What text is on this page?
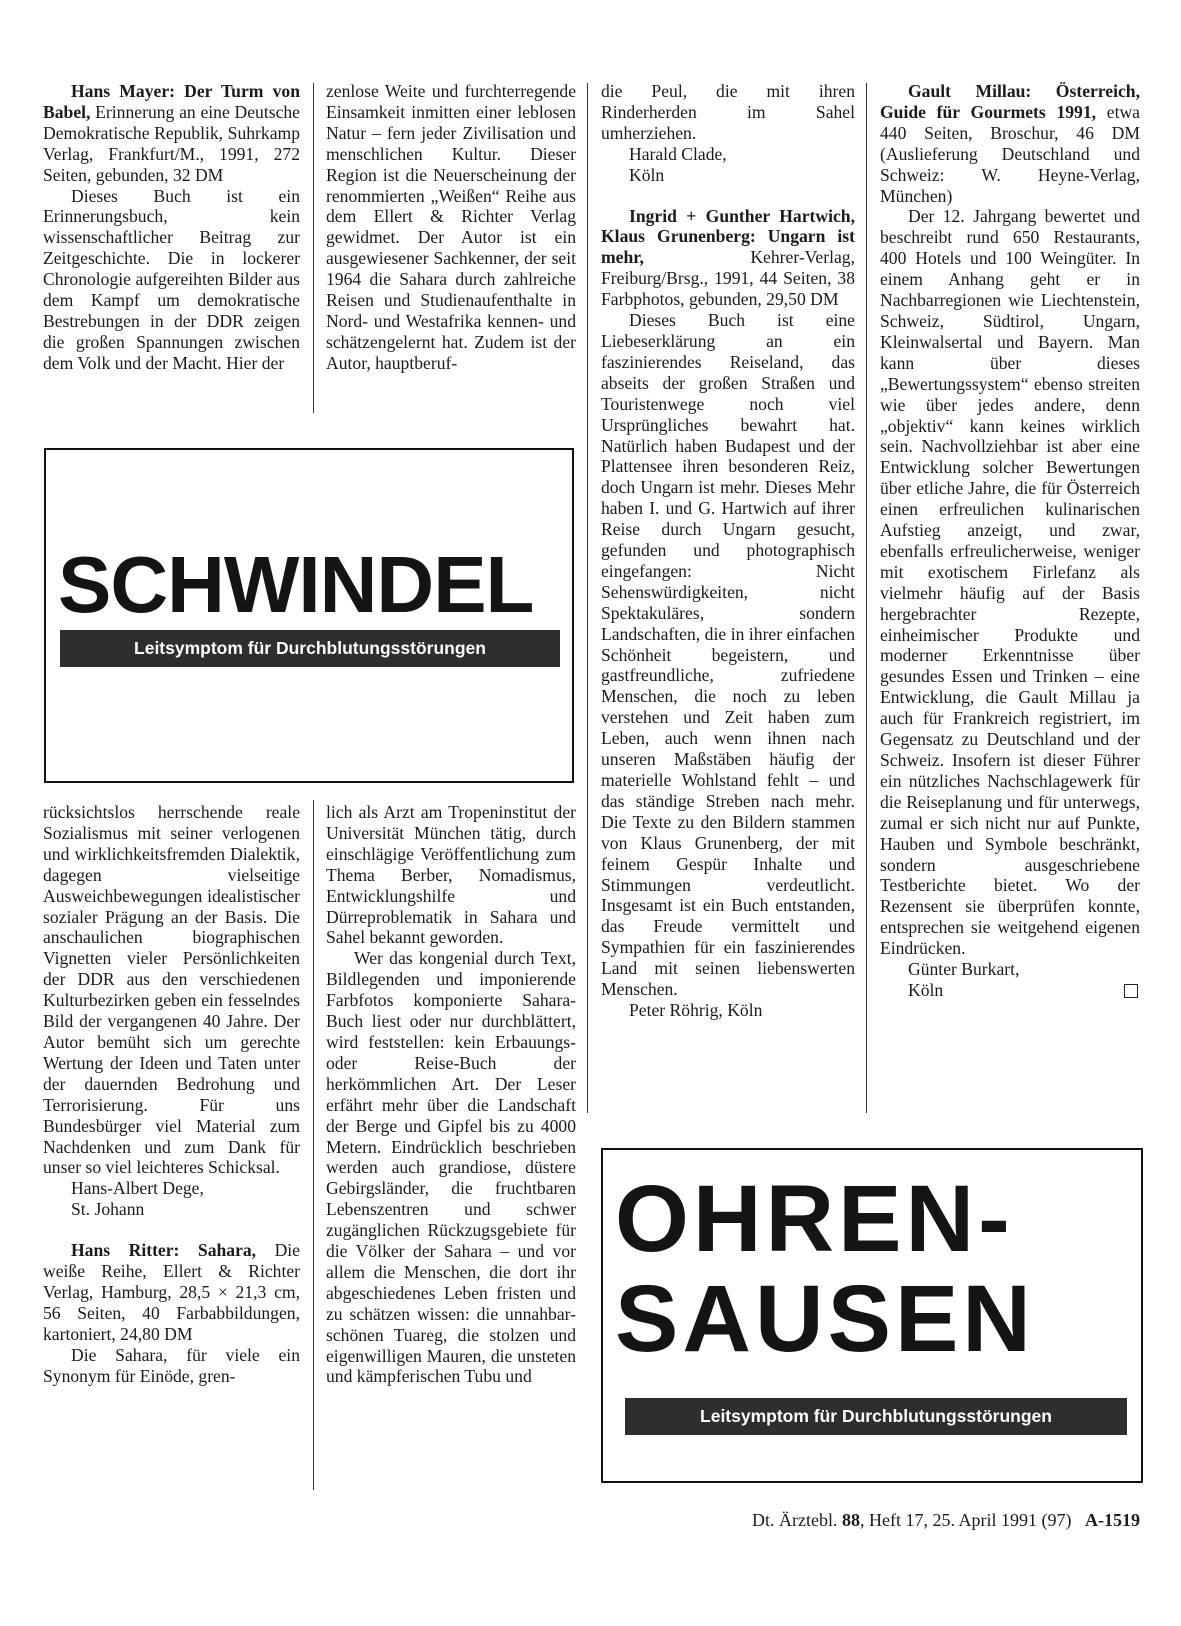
Hans Mayer: Der Turm von Babel, Erinnerung an eine Deutsche Demokratische Republik, Suhrkamp Verlag, Frankfurt/M., 1991, 272 Seiten, gebunden, 32 DM

Dieses Buch ist ein Erinnerungsbuch, kein wissenschaftlicher Beitrag zur Zeitgeschichte. Die in lockerer Chronologie aufgereihten Bilder aus dem Kampf um demokratische Bestrebungen in der DDR zeigen die großen Spannungen zwischen dem Volk und der Macht. Hier der

zenlose Weite und furchterregende Einsamkeit inmitten einer leblosen Natur – fern jeder Zivilisation und menschlichen Kultur. Dieser Region ist die Neuerscheinung der renommierten „Weißen“ Reihe aus dem Ellert & Richter Verlag gewidmet. Der Autor ist ein ausgewiesener Sachkenner, der seit 1964 die Sahara durch zahlreiche Reisen und Studienaufenthalte in Nord- und Westafrika kennen- und schätzengelernt hat. Zudem ist der Autor, hauptberuf-

SCHWINDEL
Leitsymptom für Durchblutungsstörungen

rücksichtslos herrschende reale Sozialismus mit seiner verlogenen und wirklichkeitsfremden Dialektik, dagegen vielseitige Ausweichbewegungen idealistischer sozialer Prägung an der Basis. Die anschaulichen biographischen Vignetten vieler Persönlichkeiten der DDR aus den verschiedenen Kulturbezirken geben ein fesselndes Bild der vergangenen 40 Jahre. Der Autor bemüht sich um gerechte Wertung der Ideen und Taten unter der dauernden Bedrohung und Terrorisierung. Für uns Bundesbürger viel Material zum Nachdenken und zum Dank für unser so viel leichteres Schicksal.

Hans-Albert Dege,

St. Johann

Hans Ritter: Sahara, Die weiße Reihe, Ellert & Richter Verlag, Hamburg, 28,5 × 21,3 cm, 56 Seiten, 40 Farbabbildungen, kartoniert, 24,80 DM

Die Sahara, für viele ein Synonym für Einöde, gren-

lich als Arzt am Tropeninstitut der Universität München tätig, durch einschlägige Veröffentlichung zum Thema Berber, Nomadismus, Entwicklungshilfe und Dürreproblematik in Sahara und Sahel bekannt geworden.

Wer das kongenial durch Text, Bildlegenden und imponierende Farbfotos komponierte Sahara-Buch liest oder nur durchblättert, wird feststellen: kein Erbauungs- oder Reise-Buch der herkömmlichen Art. Der Leser erfährt mehr über die Landschaft der Berge und Gipfel bis zu 4000 Metern. Eindrücklich beschrieben werden auch grandiose, düstere Gebirgsländer, die fruchtbaren Lebenszentren und schwer zugänglichen Rückzugsgebiete für die Völker der Sahara – und vor allem die Menschen, die dort ihr abgeschiedenes Leben fristen und zu schätzen wissen: die unnahbar-schönen Tuareg, die stolzen und eigenwilligen Mauren, die unsteten und kämpferischen Tubu und

die Peul, die mit ihren Rinderherden im Sahel umherziehen.

Harald Clade,

Köln

Ingrid + Gunther Hartwich, Klaus Grunenberg: Ungarn ist mehr, Kehrer-Verlag, Freiburg/Brsg., 1991, 44 Seiten, 38 Farbphotos, gebunden, 29,50 DM

Dieses Buch ist eine Liebeserklärung an ein faszinierendes Reiseland, das abseits der großen Straßen und Touristenwege noch viel Ursprüngliches bewahrt hat. Natürlich haben Budapest und der Plattensee ihren besonderen Reiz, doch Ungarn ist mehr. Dieses Mehr haben I. und G. Hartwich auf ihrer Reise durch Ungarn gesucht, gefunden und photographisch eingefangen: Nicht Sehenswürdigkeiten, nicht Spektakuläres, sondern Landschaften, die in ihrer einfachen Schönheit begeistern, und gastfreundliche, zufriedene Menschen, die noch zu leben verstehen und Zeit haben zum Leben, auch wenn ihnen nach unseren Maßstäben häufig der materielle Wohlstand fehlt – und das ständige Streben nach mehr. Die Texte zu den Bildern stammen von Klaus Grunenberg, der mit feinem Gespür Inhalte und Stimmungen verdeutlicht. Insgesamt ist ein Buch entstanden, das Freude vermittelt und Sympathien für ein faszinierendes Land mit seinen liebenswerten Menschen.

Peter Röhrig, Köln

Gault Millau: Österreich, Guide für Gourmets 1991, etwa 440 Seiten, Broschur, 46 DM (Auslieferung Deutschland und Schweiz: W. Heyne-Verlag, München)

Der 12. Jahrgang bewertet und beschreibt rund 650 Restaurants, 400 Hotels und 100 Weingüter. In einem Anhang geht er in Nachbarregionen wie Liechtenstein, Schweiz, Südtirol, Ungarn, Kleinwalsertal und Bayern. Man kann über dieses „Bewertungssystem“ ebenso streiten wie über jedes andere, denn „objektiv“ kann keines wirklich sein. Nachvollziehbar ist aber eine Entwicklung solcher Bewertungen über etliche Jahre, die für Österreich einen erfreulichen kulinarischen Aufstieg anzeigt, und zwar, ebenfalls erfreulicherweise, weniger mit exotischem Firlefanz als vielmehr häufig auf der Basis hergebrachter Rezepte, einheimischer Produkte und moderner Erkenntnisse über gesundes Essen und Trinken – eine Entwicklung, die Gault Millau ja auch für Frankreich registriert, im Gegensatz zu Deutschland und der Schweiz. Insofern ist dieser Führer ein nützliches Nachschlagewerk für die Reiseplanung und für unterwegs, zumal er sich nicht nur auf Punkte, Hauben und Symbole beschränkt, sondern ausgeschriebene Testberichte bietet. Wo der Rezensent sie überprüfen konnte, entsprechen sie weitgehend eigenen Eindrücken.

Günter Burkart,

Köln

OHREN-
SAUSEN
Leitsymptom für Durchblutungsstörungen
Dt. Ärztebl. 88, Heft 17, 25. April 1991 (97) A-1519
